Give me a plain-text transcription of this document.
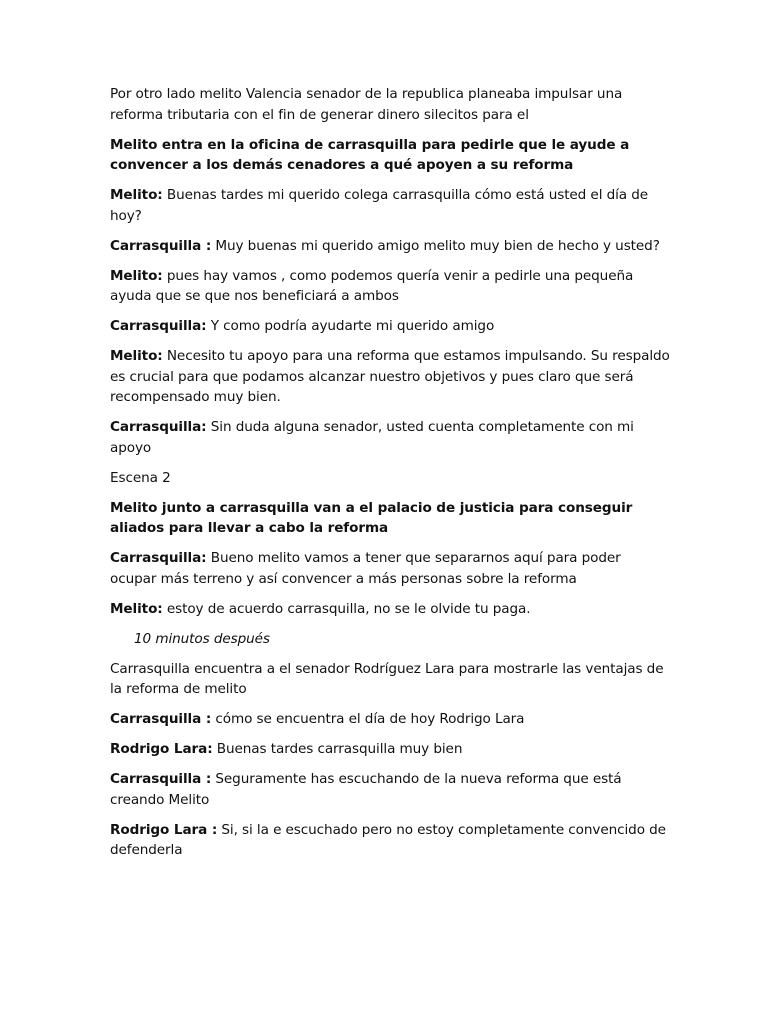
Por otro lado melito Valencia senador de la republica planeaba impulsar una reforma tributaria con el fin de generar dinero silecitos para el

Melito entra en la oficina de carrasquilla para pedirle que le ayude a convencer a los demás cenadores a qué apoyen a su reforma

Melito: Buenas tardes mi querido colega carrasquilla cómo está usted el día de hoy?

Carrasquilla : Muy buenas mi querido amigo melito muy bien de hecho y usted?

Melito: pues hay vamos , como podemos quería venir a pedirle una pequeña ayuda que se que nos beneficiará a ambos

Carrasquilla: Y como podría ayudarte mi querido amigo

Melito: Necesito tu apoyo para una reforma que estamos impulsando. Su respaldo es crucial para que podamos alcanzar nuestro objetivos y pues claro que será recompensado muy bien.

Carrasquilla: Sin duda alguna senador, usted cuenta completamente con mi apoyo

Escena 2

Melito junto a carrasquilla van a el palacio de justicia para conseguir aliados para llevar a cabo la reforma

Carrasquilla: Bueno melito vamos a tener que separarnos aquí para poder ocupar más terreno y así convencer a más personas sobre la reforma

Melito: estoy de acuerdo carrasquilla, no se le olvide tu paga.

10 minutos después

Carrasquilla encuentra a el senador Rodríguez Lara para mostrarle las ventajas de la reforma de melito

Carrasquilla : cómo se encuentra el día de hoy Rodrigo Lara

Rodrigo Lara: Buenas tardes carrasquilla muy bien

Carrasquilla : Seguramente has escuchando de la nueva reforma que está creando Melito

Rodrigo Lara : Si, si la e escuchado pero no estoy completamente convencido de defenderla
